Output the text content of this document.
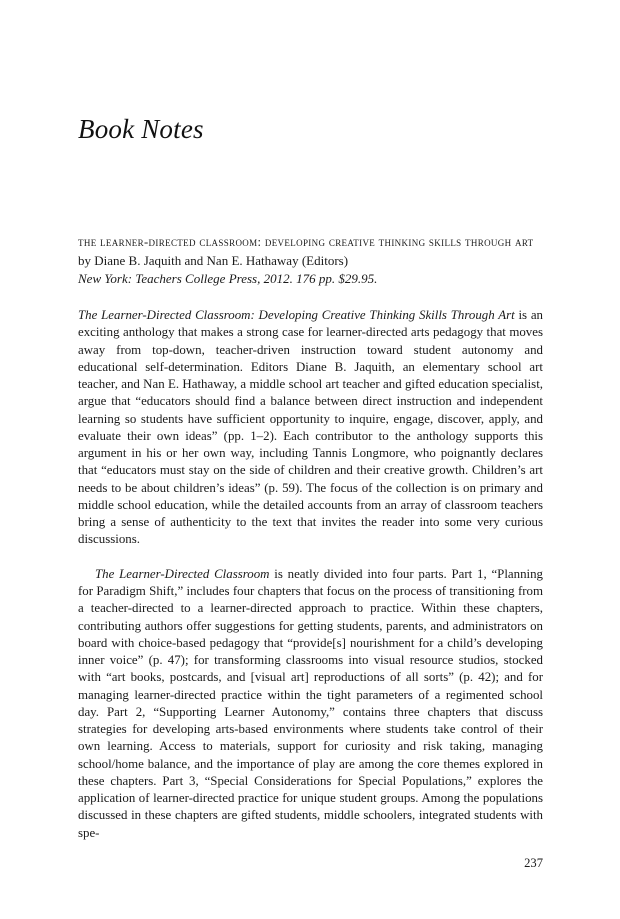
Book Notes
the learner-directed classroom: developing creative thinking skills through art
by Diane B. Jaquith and Nan E. Hathaway (Editors)
New York: Teachers College Press, 2012. 176 pp. $29.95.

The Learner-Directed Classroom: Developing Creative Thinking Skills Through Art is an exciting anthology that makes a strong case for learner-directed arts pedagogy that moves away from top-down, teacher-driven instruction toward student autonomy and educational self-determination. Editors Diane B. Jaquith, an elementary school art teacher, and Nan E. Hathaway, a middle school art teacher and gifted education specialist, argue that “educators should find a balance between direct instruction and independent learning so students have sufficient opportunity to inquire, engage, discover, apply, and evaluate their own ideas” (pp. 1–2). Each contributor to the anthology supports this argument in his or her own way, including Tannis Longmore, who poignantly declares that “educators must stay on the side of children and their creative growth. Children’s art needs to be about children’s ideas” (p. 59). The focus of the collection is on primary and middle school education, while the detailed accounts from an array of classroom teachers bring a sense of authenticity to the text that invites the reader into some very curious discussions.

The Learner-Directed Classroom is neatly divided into four parts. Part 1, “Planning for Paradigm Shift,” includes four chapters that focus on the process of transitioning from a teacher-directed to a learner-directed approach to practice. Within these chapters, contributing authors offer suggestions for getting students, parents, and administrators on board with choice-based pedagogy that “provide[s] nourishment for a child’s developing inner voice” (p. 47); for transforming classrooms into visual resource studios, stocked with “art books, postcards, and [visual art] reproductions of all sorts” (p. 42); and for managing learner-directed practice within the tight parameters of a regimented school day. Part 2, “Supporting Learner Autonomy,” contains three chapters that discuss strategies for developing arts-based environments where students take control of their own learning. Access to materials, support for curiosity and risk taking, managing school/home balance, and the importance of play are among the core themes explored in these chapters. Part 3, “Special Considerations for Special Populations,” explores the application of learner-directed practice for unique student groups. Among the populations discussed in these chapters are gifted students, middle schoolers, integrated students with spe-

237
